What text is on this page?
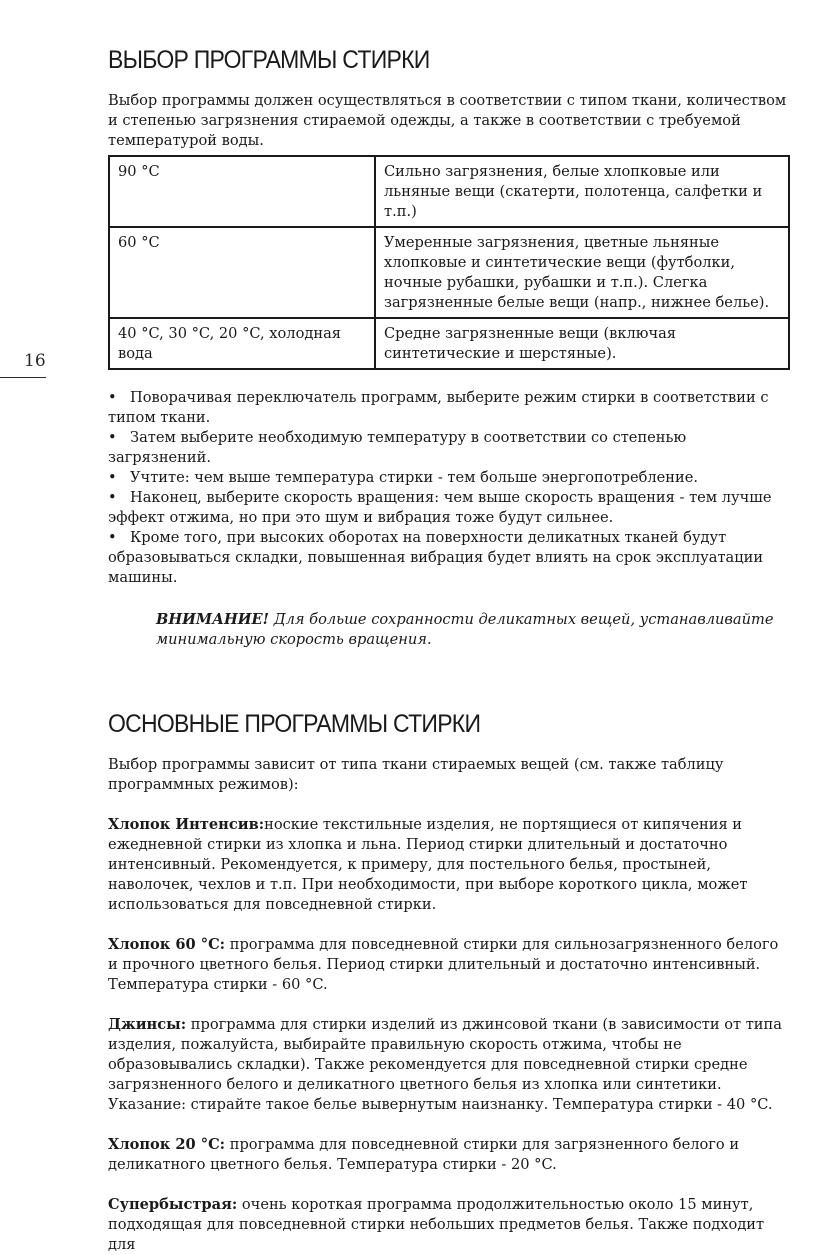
16
ВЫБОР ПРОГРАММЫ СТИРКИ

Выбор программы должен осуществляться в соответствии с типом ткани, количеством и степенью загрязнения стираемой одежды, а также в соответствии с требуемой температурой воды.

90 °C	Сильно загрязнения, белые хлопковые или льняные вещи (скатерти, полотенца, салфетки и т.п.)
60 °C	Умеренные загрязнения, цветные льняные хлопковые и синтетические вещи (футболки, ночные рубашки, рубашки и т.п.). Слегка загрязненные белые вещи (напр., нижнее белье).
40 °C, 30 °C, 20 °C, холодная вода	Средне загрязненные вещи (включая синтетические и шерстяные).
• Поворачивая переключатель программ, выберите режим стирки в соответствии с типом ткани.
• Затем выберите необходимую температуру в соответствии со степенью загрязнений.
• Учтите: чем выше температура стирки - тем больше энергопотребление.
• Наконец, выберите скорость вращения: чем выше скорость вращения - тем лучше эффект отжима, но при это шум и вибрация тоже будут сильнее.
• Кроме того, при высоких оборотах на поверхности деликатных тканей будут образовываться складки, повышенная вибрация будет влиять на срок эксплуатации машины.

ВНИМАНИЕ! Для больше сохранности деликатных вещей, устанавливайте минимальную скорость вращения.

ОСНОВНЫЕ ПРОГРАММЫ СТИРКИ

Выбор программы зависит от типа ткани стираемых вещей (см. также таблицу программных режимов):

Хлопок Интенсив:ноские текстильные изделия, не портящиеся от кипячения и ежедневной стирки из хлопка и льна. Период стирки длительный и достаточно интенсивный. Рекомендуется, к примеру, для постельного белья, простыней, наволочек, чехлов и т.п. При необходимости, при выборе короткого цикла, может использоваться для повседневной стирки.

Хлопок 60 °C: программа для повседневной стирки для сильнозагрязненного белого и прочного цветного белья. Период стирки длительный и достаточно интенсивный. Температура стирки - 60 °C.

Джинсы: программа для стирки изделий из джинсовой ткани (в зависимости от типа изделия, пожалуйста, выбирайте правильную скорость отжима, чтобы не образовывались складки). Также рекомендуется для повседневной стирки средне загрязненного белого и деликатного цветного белья из хлопка или синтетики. Указание: стирайте такое белье вывернутым наизнанку. Температура стирки - 40 °C.

Хлопок 20 °C: программа для повседневной стирки для загрязненного белого и деликатного цветного белья. Температура стирки - 20 °C.

Супербыстрая: очень короткая программа продолжительностью около 15 минут, подходящая для повседневной стирки небольших предметов белья. Также подходит для
